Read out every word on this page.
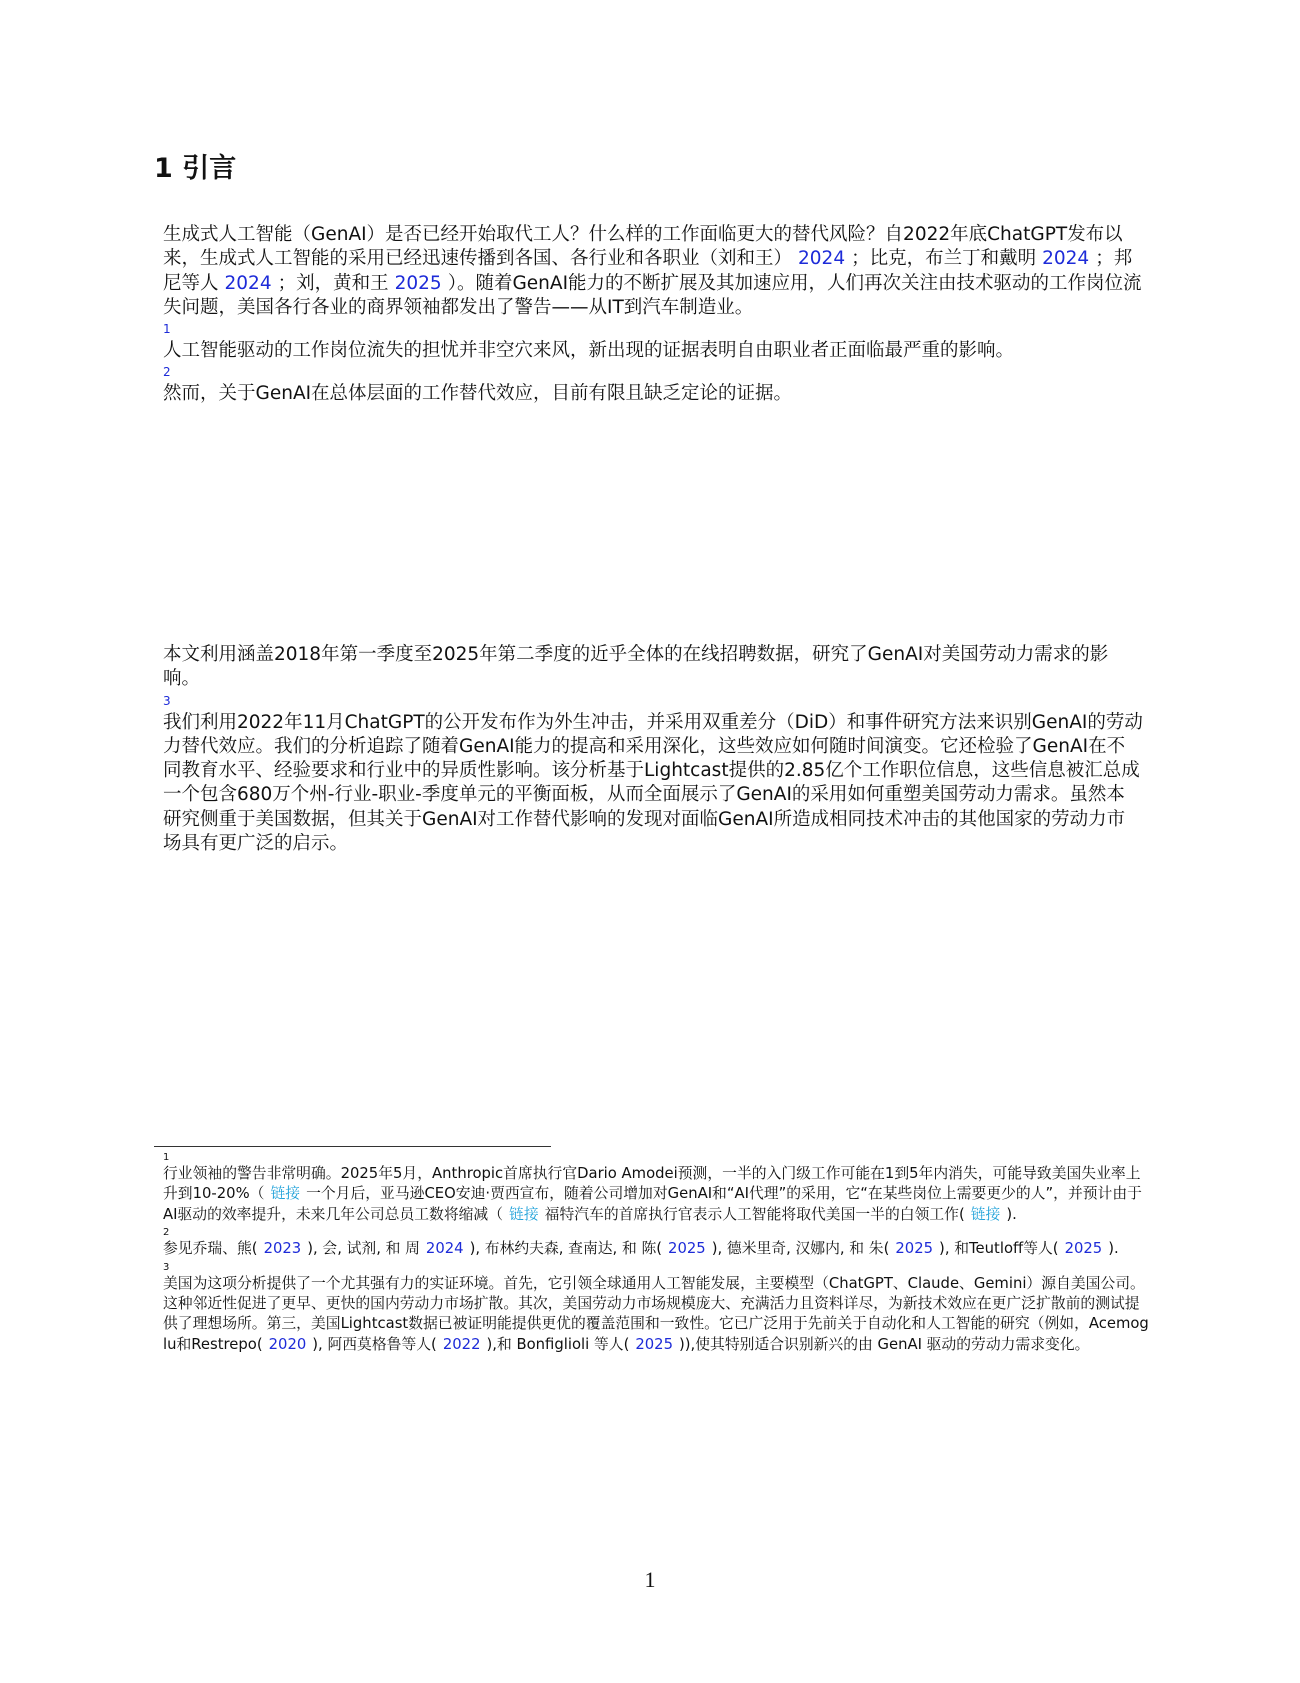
1 引言

生成式人工智能（GenAI）是否已经开始取代工人？什么样的工作面临更大的替代风险？自2022年底ChatGPT发布以来，生成式人工智能的采用已经迅速传播到各国、各行业和各职业（刘和王） 2024 ；比克，布兰丁和戴明 2024 ；邦尼等人 2024 ；刘，黄和王 2025 ）。随着GenAI能力的不断扩展及其加速应用，人们再次关注由技术驱动的工作岗位流失问题，美国各行各业的商界领袖都发出了警告——从IT到汽车制造业。
1
人工智能驱动的工作岗位流失的担忧并非空穴来风，新出现的证据表明自由职业者正面临最严重的影响。
2
然而，关于GenAI在总体层面的工作替代效应，目前有限且缺乏定论的证据。

本文利用涵盖2018年第一季度至2025年第二季度的近乎全体的在线招聘数据，研究了GenAI对美国劳动力需求的影响。
3
我们利用2022年11月ChatGPT的公开发布作为外生冲击，并采用双重差分（DiD）和事件研究方法来识别GenAI的劳动力替代效应。我们的分析追踪了随着GenAI能力的提高和采用深化，这些效应如何随时间演变。它还检验了GenAI在不同教育水平、经验要求和行业中的异质性影响。该分析基于Lightcast提供的2.85亿个工作职位信息，这些信息被汇总成一个包含680万个州-行业-职业-季度单元的平衡面板，从而全面展示了GenAI的采用如何重塑美国劳动力需求。虽然本研究侧重于美国数据，但其关于GenAI对工作替代影响的发现对面临GenAI所造成相同技术冲击的其他国家的劳动力市场具有更广泛的启示。

1
行业领袖的警告非常明确。2025年5月，Anthropic首席执行官Dario Amodei预测，一半的入门级工作可能在1到5年内消失，可能导致美国失业率上升到10-20%（ 链接 一个月后，亚马逊CEO安迪·贾西宣布，随着公司增加对GenAI和“AI代理”的采用，它“在某些岗位上需要更少的人”，并预计由于AI驱动的效率提升，未来几年公司总员工数将缩减（ 链接 福特汽车的首席执行官表示人工智能将取代美国一半的白领工作( 链接 ).
2
参见乔瑞、熊( 2023 ), 会, 试剂, 和 周 2024 ), 布林约夫森, 查南达, 和 陈( 2025 ), 德米里奇, 汉娜内, 和 朱( 2025 ), 和Teutloff等人( 2025 ).
3
美国为这项分析提供了一个尤其强有力的实证环境。首先，它引领全球通用人工智能发展，主要模型（ChatGPT、Claude、Gemini）源自美国公司。这种邻近性促进了更早、更快的国内劳动力市场扩散。其次，美国劳动力市场规模庞大、充满活力且资料详尽，为新技术效应在更广泛扩散前的测试提供了理想场所。第三，美国Lightcast数据已被证明能提供更优的覆盖范围和一致性。它已广泛用于先前关于自动化和人工智能的研究（例如，Acemoglu和Restrepo( 2020 ), 阿西莫格鲁等人( 2022 ),和 Bonfiglioli 等人( 2025 )),使其特别适合识别新兴的由 GenAI 驱动的劳动力需求变化。
1
